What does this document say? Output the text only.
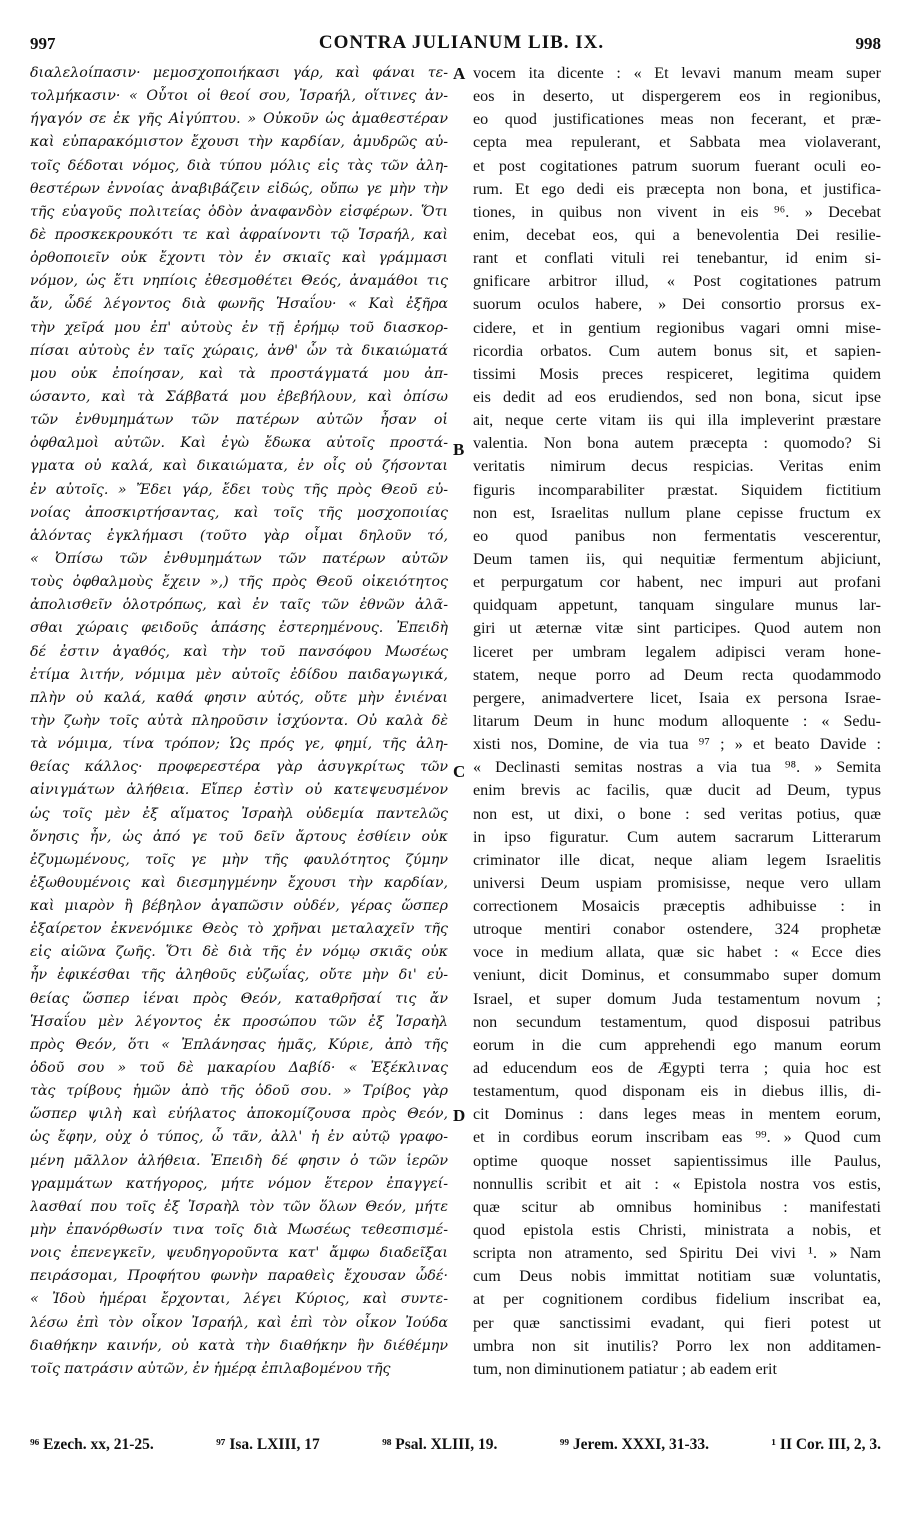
997	CONTRA JULIANUM LIB. IX.	998
διαλελοίπασιν· μεμοσχοποιήκασι γάρ, καὶ φάναι τε-
τολμήκασιν· « Οὗτοι οἱ θεοί σου, Ἰσραήλ, οἵτινες ἀν-
ήγαγόν σε ἐκ γῆς Αἰγύπτου. » Οὐκοῦν ὡς ἀμαθεστέραν
καὶ εὐπαρακόμιστον ἔχουσι τὴν καρδίαν, ἀμυδρῶς αὐ-
τοῖς δέδοται νόμος, διὰ τύπου μόλις εἰς τὰς τῶν ἀλη-
θεστέρων ἐννοίας ἀναβιβάζειν εἰδώς, οὔπω γε μὴν τὴν
τῆς εὐαγοῦς πολιτείας ὁδὸν ἀναφανδὸν εἰσφέρων. Ὅτι
δὲ προσκεκρουκότι τε καὶ ἀφραίνοντι τῷ Ἰσραήλ, καὶ
ὀρθοποιεῖν οὐκ ἔχοντι τὸν ἐν σκιαῖς καὶ γράμμασι
νόμον, ὡς ἔτι νηπίοις ἐθεσμοθέτει Θεός, ἀναμάθοι τις
ἄν, ὧδέ λέγοντος διὰ φωνῆς Ἡσαΐου· « Καὶ ἐξῆρα
τὴν χεῖρά μου ἐπ' αὐτοὺς ἐν τῇ ἐρήμῳ τοῦ διασκορ-
πίσαι αὐτοὺς ἐν ταῖς χώραις, ἀνθ' ὧν τὰ δικαιώματά
μου οὐκ ἐποίησαν, καὶ τὰ προστάγματά μου ἀπ-
ώσαντο, καὶ τὰ Σάββατά μου ἐβεβήλουν, καὶ ὀπίσω
τῶν ἐνθυμημάτων τῶν πατέρων αὐτῶν ἦσαν οἱ
ὀφθαλμοὶ αὐτῶν. Καὶ ἐγὼ ἔδωκα αὐτοῖς προστά-
γματα οὐ καλά, καὶ δικαιώματα, ἐν οἷς οὐ ζήσονται
ἐν αὐτοῖς. » Ἔδει γάρ, ἔδει τοὺς τῆς πρὸς Θεοῦ εὐ-
νοίας ἀποσκιρτήσαντας, καὶ τοῖς τῆς μοσχοποιίας
ἁλόντας ἐγκλήμασι (τοῦτο γὰρ οἶμαι δηλοῦν τό,
« Ὀπίσω τῶν ἐνθυμημάτων τῶν πατέρων αὐτῶν
τοὺς ὀφθαλμοὺς ἔχειν »,) τῆς πρὸς Θεοῦ οἰκειότητος
ἀπολισθεῖν ὁλοτρόπως, καὶ ἐν ταῖς τῶν ἐθνῶν ἀλᾶ-
σθαι χώραις φειδοῦς ἁπάσης ἐστερημένους. Ἐπειδὴ
δέ ἐστιν ἀγαθός, καὶ τὴν τοῦ πανσόφου Μωσέως
ἐτίμα λιτήν, νόμιμα μὲν αὐτοῖς ἐδίδου παιδαγωγικά,
πλὴν οὐ καλά, καθά φησιν αὐτός, οὔτε μὴν ἐνιέναι
τὴν ζωὴν τοῖς αὐτὰ πληροῦσιν ἰσχύοντα. Οὐ καλὰ δὲ
τὰ νόμιμα, τίνα τρόπον; Ὡς πρός γε, φημί, τῆς ἀλη-
θείας κάλλος· προφερεστέρα γὰρ ἀσυγκρίτως τῶν
αἰνιγμάτων ἀλήθεια. Εἴπερ ἐστὶν οὐ κατεψευσμένον
ὡς τοῖς μὲν ἐξ αἵματος Ἰσραὴλ οὐδεμία παντελῶς
ὄνησις ἦν, ὡς ἀπό γε τοῦ δεῖν ἄρτους ἐσθίειν οὐκ
ἐζυμωμένους, τοῖς γε μὴν τῆς φαυλότητος ζύμην
ἐξωθουμένοις καὶ διεσμηγμένην ἔχουσι τὴν καρδίαν,
καὶ μιαρὸν ἢ βέβηλον ἀγαπῶσιν οὐδέν, γέρας ὥσπερ
ἐξαίρετον ἐκνενόμικε Θεὸς τὸ χρῆναι μεταλαχεῖν τῆς
εἰς αἰῶνα ζωῆς. Ὅτι δὲ διὰ τῆς ἐν νόμῳ σκιᾶς οὐκ
ἦν ἐφικέσθαι τῆς ἀληθοῦς εὐζωΐας, οὔτε μὴν δι' εὐ-
θείας ὥσπερ ἰέναι πρὸς Θεόν, καταθρῆσαί τις ἄν
Ἡσαΐου μὲν λέγοντος ἐκ προσώπου τῶν ἐξ Ἰσραὴλ
πρὸς Θεόν, ὅτι « Ἐπλάνησας ἡμᾶς, Κύριε, ἀπὸ τῆς
ὁδοῦ σου » τοῦ δὲ μακαρίου Δαβίδ· « Ἐξέκλινας
τὰς τρίβους ἡμῶν ἀπὸ τῆς ὁδοῦ σου. » Τρίβος γὰρ
ὥσπερ ψιλὴ καὶ εὐήλατος ἀποκομίζουσα πρὸς Θεόν,
ὡς ἔφην, οὐχ ὁ τύπος, ὦ τᾶν, ἀλλ' ἡ ἐν αὐτῷ γραφο-
μένη μᾶλλον ἀλήθεια. Ἐπειδὴ δέ φησιν ὁ τῶν ἱερῶν
γραμμάτων κατήγορος, μήτε νόμον ἕτερον ἐπαγγεί-
λασθαί που τοῖς ἐξ Ἰσραὴλ τὸν τῶν ὅλων Θεόν, μήτε
μὴν ἐπανόρθωσίν τινα τοῖς διὰ Μωσέως τεθεσπισμέ-
νοις ἐπενεγκεῖν, ψευδηγοροῦντα κατ' ἄμφω διαδεῖξαι
πειράσομαι, Προφήτου φωνὴν παραθεὶς ἔχουσαν ὧδέ·
« Ἰδοὺ ἡμέραι ἔρχονται, λέγει Κύριος, καὶ συντε-
λέσω ἐπὶ τὸν οἶκον Ἰσραήλ, καὶ ἐπὶ τὸν οἶκον Ἰούδα
διαθήκην καινήν, οὐ κατὰ τὴν διαθήκην ἣν διέθέμην
τοῖς πατράσιν αὐτῶν, ἐν ἡμέρᾳ ἐπιλαβομένου τῆς
vocem ita dicente : « Et levavi manum meam super
eos in deserto, ut dispergerem eos in regionibus,
eo quod justificationes meas non fecerant, et præ-
cepta mea repulerant, et Sabbata mea violaverant,
et post cogitationes patrum suorum fuerant oculi eo-
rum. Et ego dedi eis præcepta non bona, et justifica-
tiones, in quibus non vivent in eis ⁹⁶. » Decebat
enim, decebat eos, qui a benevolentia Dei resilie-
rant et conflati vituli rei tenebantur, id enim si-
gnificare arbitror illud, « Post cogitationes patrum
suorum oculos habere, » Dei consortio prorsus ex-
cidere, et in gentium regionibus vagari omni mise-
ricordia orbatos. Cum autem bonus sit, et sapien-
tissimi Mosis preces respiceret, legitima quidem
eis dedit ad eos erudiendos, sed non bona, sicut ipse
ait, neque certe vitam iis qui illa impleverint præstare
valentia. Non bona autem præcepta : quomodo? Si
veritatis nimirum decus respicias. Veritas enim
figuris incomparabiliter præstat. Siquidem fictitium
non est, Israelitas nullum plane cepisse fructum ex
eo quod panibus non fermentatis vescerentur,
Deum tamen iis, qui nequitiæ fermentum abjiciunt,
et perpurgatum cor habent, nec impuri aut profani
quidquam appetunt, tanquam singulare munus lar-
giri ut æternæ vitæ sint participes. Quod autem non
liceret per umbram legalem adipisci veram hone-
statem, neque porro ad Deum recta quodammodo
pergere, animadvertere licet, Isaia ex persona Israe-
litarum Deum in hunc modum alloquente : « Sedu-
xisti nos, Domine, de via tua ⁹⁷ ; » et beato Davide :
« Declinasti semitas nostras a via tua ⁹⁸. » Semita
enim brevis ac facilis, quæ ducit ad Deum, typus
non est, ut dixi, o bone : sed veritas potius, quæ
in ipso figuratur. Cum autem sacrarum Litterarum
criminator ille dicat, neque aliam legem Israelitis
universi Deum uspiam promisisse, neque vero ullam
correctionem Mosaicis præceptis adhibuisse : in
utroque mentiri conabor ostendere, 324 prophetæ
voce in medium allata, quæ sic habet : « Ecce dies
veniunt, dicit Dominus, et consummabo super domum
Israel, et super domum Juda testamentum novum ;
non secundum testamentum, quod disposui patribus
eorum in die cum apprehendi ego manum eorum
ad educendum eos de Ægypti terra ; quia hoc est
testamentum, quod disponam eis in diebus illis, di-
cit Dominus : dans leges meas in mentem eorum,
et in cordibus eorum inscribam eas ⁹⁹. » Quod cum
optime quoque nosset sapientissimus ille Paulus,
nonnullis scribit et ait : « Epistola nostra vos estis,
quæ scitur ab omnibus hominibus : manifestati
quod epistola estis Christi, ministrata a nobis, et
scripta non atramento, sed Spiritu Dei vivi ¹. » Nam
cum Deus nobis immittat notitiam suæ voluntatis,
at per cognitionem cordibus fidelium inscribat ea,
per quæ sanctissimi evadant, qui fieri potest ut
umbra non sit inutilis? Porro lex non additamen-
tum, non diminutionem patiatur ; ab eadem erit
A
B
C
D
⁹⁶ Ezech. xx, 21-25.	⁹⁷ Isa. LXIII, 17	⁹⁸ Psal. XLIII, 19.	⁹⁹ Jerem. XXXI, 31-33.	¹ II Cor. III, 2, 3.
